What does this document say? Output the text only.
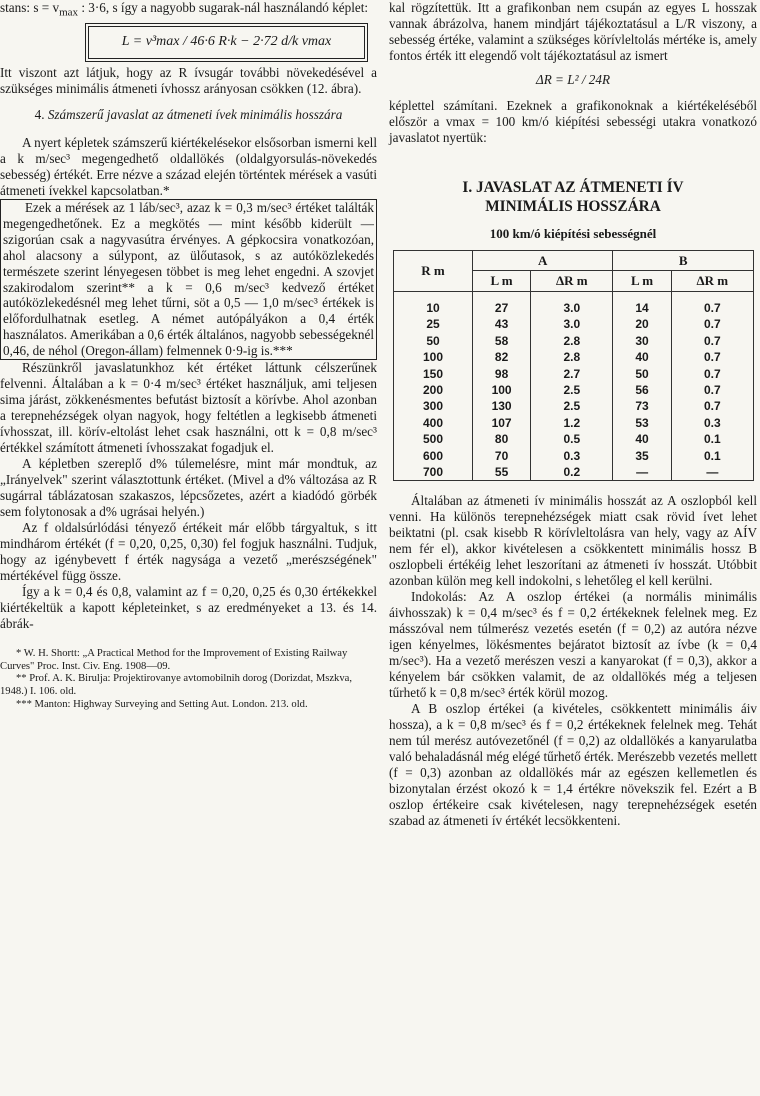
stans: $s = v_{max}$ : 3·6, s így a nagyobb sugarak-nál használandó képlet:

L = v³max / 46·6 R·k − 2·72 d/k vmax

Itt viszont azt látjuk, hogy az R ívsugár további növekedésével a szükséges minimális átmeneti ívhossz arányosan csökken (12. ábra).

4. Számszerű javaslat az átmeneti ívek minimális hosszára

A nyert képletek számszerű kiértékelésekor elsősorban ismerni kell a k m/sec³ megengedhető oldallökés (oldalgyorsulás-növekedés sebesség) értékét. Erre nézve a század elején történtek mérések a vasúti átmeneti ívekkel kapcsolatban.*

Ezek a mérések az 1 láb/sec³, azaz k = 0,3 m/sec³ értéket találták megengedhetőnek. Ez a megkötés — mint később kiderült — szigorúan csak a nagyvasútra érvényes. A gépkocsira vonatkozóan, ahol alacsony a súlypont, az ülőutasok, s az autóközlekedés természete szerint lényegesen többet is meg lehet engedni. A szovjet szakirodalom szerint** a k = 0,6 m/sec³ kedvező értéket autóközlekedésnél meg lehet tűrni, söt a 0,5 — 1,0 m/sec³ értékek is előfordulhatnak esetleg. A német autópályákon a 0,4 érték használatos. Amerikában a 0,6 érték általános, nagyobb sebességeknél 0,46, de néhol (Oregon-állam) felmennek 0·9-ig is.***

Részünkről javaslatunkhoz két értéket láttunk célszerűnek felvenni. Általában a k = 0·4 m/sec³ értéket használjuk, ami teljesen sima járást, zökkenésmentes befutást biztosít a körívbe. Ahol azonban a terepnehézségek olyan nagyok, hogy feltétlen a legkisebb átmeneti ívhosszat, ill. körív-eltolást lehet csak használni, ott k = 0,8 m/sec³ értékkel számított átmeneti ívhosszakat fogadjuk el.

A képletben szereplő d% túlemelésre, mint már mondtuk, az „Irányelvek" szerint választottunk értéket. (Mivel a d% változása az R sugárral táblázatosan szakaszos, lépcsőzetes, azért a kiadódó görbék sem folytonosak a d% ugrásai helyén.)

Az f oldalsúrlódási tényező értékeit már előbb tárgyaltuk, s itt mindhárom értékét (f = 0,20, 0,25, 0,30) fel fogjuk használni. Tudjuk, hogy az igénybevett f érték nagysága a vezető „merészségének" mértékével függ össze.

Így a k = 0,4 és 0,8, valamint az f = 0,20, 0,25 és 0,30 értékekkel kiértékeltük a kapott képleteinket, s az eredményeket a 13. és 14. ábrák-

* W. H. Shortt: „A Practical Method for the Improvement of Existing Railway Curves" Proc. Inst. Civ. Eng. 1908—09.

** Prof. A. K. Birulja: Projektirovanye avtomobilnih dorog (Dorizdat, Mszkva, 1948.) I. 106. old.

*** Manton: Highway Surveying and Setting Aut. London. 213. old.

kal rögzítettük. Itt a grafikonban nem csupán az egyes L hosszak vannak ábrázolva, hanem mindjárt tájékoztatásul a L/R viszony, a sebesség értéke, valamint a szükséges körívleltolás mértéke is, amely fontos érték itt elegendő volt tájékoztatásul az ismert

ΔR = L² / 24R

képlettel számítani. Ezeknek a grafikonoknak a kiértékeléséből először a vmax = 100 km/ó kiépítési sebességi utakra vonatkozó javaslatot nyertük:

I. JAVASLAT AZ ÁTMENETI ÍV
MINIMÁLIS HOSSZÁRA
100 km/ó kiépítési sebességnél
R m	A		B	
	L m	ΔR m	L m	ΔR m
10	27	3.0	14	0.7
25	43	3.0	20	0.7
50	58	2.8	30	0.7
100	82	2.8	40	0.7
150	98	2.7	50	0.7
200	100	2.5	56	0.7
300	130	2.5	73	0.7
400	107	1.2	53	0.3
500	80	0.5	40	0.1
600	70	0.3	35	0.1
700	55	0.2	—	—

Általában az átmeneti ív minimális hosszát az A oszlopból kell venni. Ha különös terepnehézségek miatt csak rövid ívet lehet beiktatni (pl. csak kisebb R körívleltolásra van hely, vagy az AÍV nem fér el), akkor kivételesen a csökkentett minimális hossz B oszlopbeli értékéig lehet leszorítani az átmeneti ív hosszát. Utóbbit azonban külön meg kell indokolni, s lehetőleg el kell kerülni.

Indokolás: Az A oszlop értékei (a normális minimális áivhosszak) k = 0,4 m/sec³ és f = 0,2 értékeknek felelnek meg. Ez másszóval nem túlmerész vezetés esetén (f = 0,2) az autóra nézve igen kényelmes, lökésmentes bejáratot biztosít az ívbe (k = 0,4 m/sec³). Ha a vezető merészen veszi a kanyarokat (f = 0,3), akkor a kényelem bár csökken valamit, de az oldallökés még a teljesen tűrhető k = 0,8 m/sec³ érték körül mozog.

A B oszlop értékei (a kivételes, csökkentett minimális áiv hossza), a k = 0,8 m/sec³ és f = 0,2 értékeknek felelnek meg. Tehát nem túl merész autóvezetőnél (f = 0,2) az oldallökés a kanyarulatba való behaladásnál még elégé tűrhető érték. Merészebb vezetés mellett (f = 0,3) azonban az oldallökés már az egészen kellemetlen és bizonytalan érzést okozó k = 1,4 értékre növekszik fel. Ezért a B oszlop értékeire csak kivételesen, nagy terepnehézségek esetén szabad az átmeneti ív értékét lecsökkenteni.
